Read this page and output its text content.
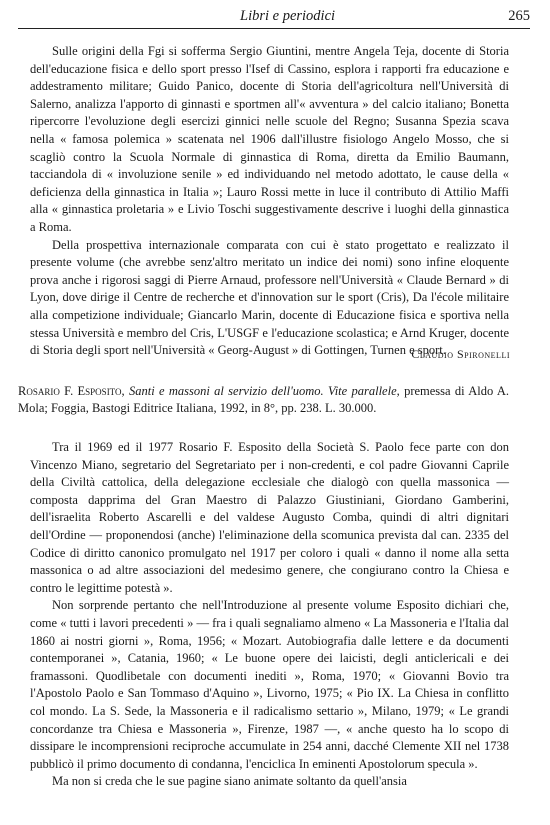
Libri e periodici	265

Sulle origini della Fgi si sofferma Sergio Giuntini, mentre Angela Teja, docente di Storia dell'educazione fisica e dello sport presso l'Isef di Cassino, esplora i rapporti fra educazione e addestramento militare; Guido Panico, docente di Storia dell'agricoltura nell'Università di Salerno, analizza l'apporto di ginnasti e sportmen all'« avventura » del calcio italiano; Bonetta ripercorre l'evoluzione degli esercizi ginnici nelle scuole del Regno; Susanna Spezia scava nella « famosa polemica » scatenata nel 1906 dall'illustre fisiologo Angelo Mosso, che si scagliò contro la Scuola Normale di ginnastica di Roma, diretta da Emilio Baumann, tacciandola di « involuzione senile » ed individuando nel metodo adottato, le cause della « deficienza della ginnastica in Italia »; Lauro Rossi mette in luce il contributo di Attilio Maffi alla « ginnastica proletaria » e Livio Toschi suggestivamente descrive i luoghi della ginnastica a Roma.

Della prospettiva internazionale comparata con cui è stato progettato e realizzato il presente volume (che avrebbe senz'altro meritato un indice dei nomi) sono infine eloquente prova anche i rigorosi saggi di Pierre Arnaud, professore nell'Università « Claude Bernard » di Lyon, dove dirige il Centre de recherche et d'innovation sur le sport (Cris), Da l'école militaire alla competizione individuale; Giancarlo Marin, docente di Educazione fisica e sportiva nella stessa Università e membro del Cris, L'USGF e l'educazione scolastica; e Arnd Kruger, docente di Storia degli sport nell'Università « Georg-August » di Gottingen, Turnen e sport.

Claudio Spironelli
Rosario F. Esposito, Santi e massoni al servizio dell'uomo. Vite parallele, premessa di Aldo A. Mola; Foggia, Bastogi Editrice Italiana, 1992, in 8°, pp. 238. L. 30.000.

Tra il 1969 ed il 1977 Rosario F. Esposito della Società S. Paolo fece parte con don Vincenzo Miano, segretario del Segretariato per i non-credenti, e col padre Giovanni Caprile della Civiltà cattolica, della delegazione ecclesiale che dialogò con quella massonica — composta dapprima del Gran Maestro di Palazzo Giustiniani, Giordano Gamberini, dell'israelita Roberto Ascarelli e del valdese Augusto Comba, quindi di altri dignitari dell'Ordine — proponendosi (anche) l'eliminazione della scomunica prevista dal can. 2335 del Codice di diritto canonico promulgato nel 1917 per coloro i quali « danno il nome alla setta massonica o ad altre associazioni del medesimo genere, che congiurano contro la Chiesa e contro le legittime potestà ».

Non sorprende pertanto che nell'Introduzione al presente volume Esposito dichiari che, come « tutti i lavori precedenti » — fra i quali segnaliamo almeno « La Massoneria e l'Italia dal 1860 ai nostri giorni », Roma, 1956; « Mozart. Autobiografia dalle lettere e da documenti contemporanei », Catania, 1960; « Le buone opere dei laicisti, degli anticlericali e dei framassoni. Quodlibetale con documenti inediti », Roma, 1970; « Giovanni Bovio tra l'Apostolo Paolo e San Tommaso d'Aquino », Livorno, 1975; « Pio IX. La Chiesa in conflitto col mondo. La S. Sede, la Massoneria e il radicalismo settario », Milano, 1979; « Le grandi concordanze tra Chiesa e Massoneria », Firenze, 1987 —, « anche questo ha lo scopo di dissipare le incomprensioni reciproche accumulate in 254 anni, dacché Clemente XII nel 1738 pubblicò il primo documento di condanna, l'enciclica In eminenti Apostolorum specula ».

Ma non si creda che le sue pagine siano animate soltanto da quell'ansia
